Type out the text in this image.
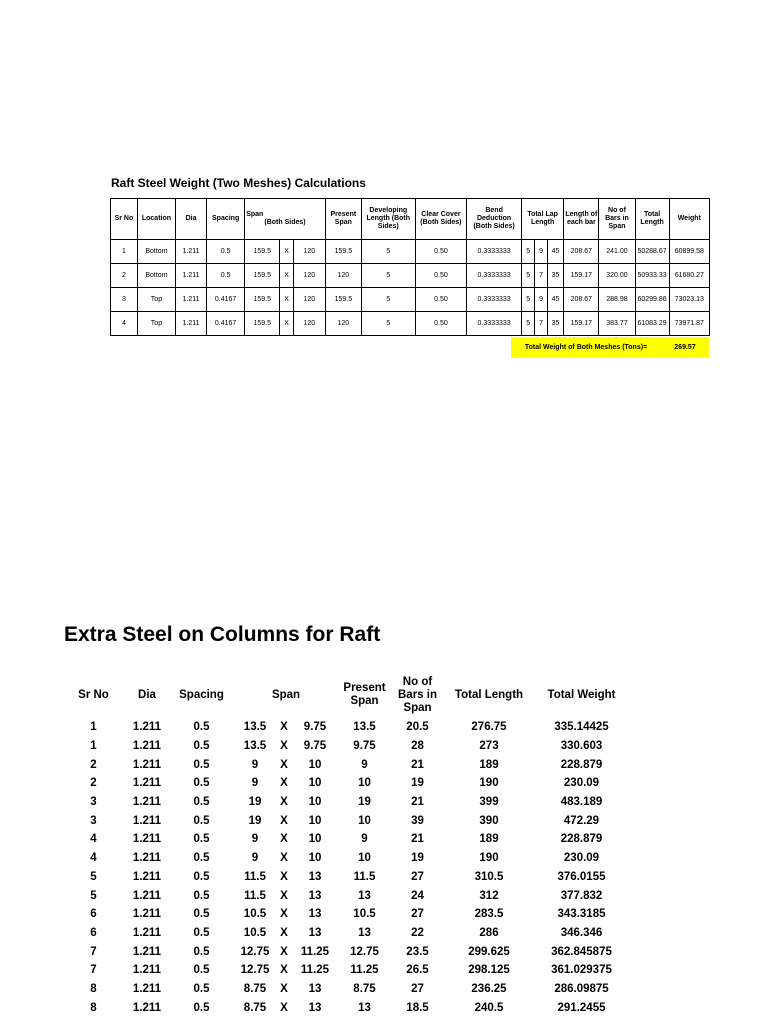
Raft Steel Weight (Two Meshes) Calculations
Sr No	Location	Dia	Spacing	Span
(Both Sides)			Present Span	Developing Length (Both Sides)	Clear Cover (Both Sides)	Bend Deduction (Both Sides)	Total Lap Length			Length of each bar	No of Bars in Span	Total Length	Weight
1	Bottom	1.211	0.5	159.5	X	120	159.5	5	0.50	0.3333333	5	9	45	208.67	241.00	50288.67	60899.58
2	Bottom	1.211	0.5	159.5	X	120	120	5	0.50	0.3333333	5	7	35	159.17	320.00	50933.33	61680.27
3	Top	1.211	0.4167	159.5	X	120	159.5	5	0.50	0.3333333	5	9	45	208.67	288.98	60299.86	73023.13
4	Top	1.211	0.4167	159.5	X	120	120	5	0.50	0.3333333	5	7	35	159.17	383.77	61083.29	73971.87
Total Weight of Both Meshes (Tons)=	269.57
Extra Steel on Columns for Raft
Sr No	Dia	Spacing	Span			Present Span	No of Bars in Span	Total Length	Total Weight
1	1.211	0.5	13.5	X	9.75	13.5	20.5	276.75	335.14425
1	1.211	0.5	13.5	X	9.75	9.75	28	273	330.603
2	1.211	0.5	9	X	10	9	21	189	228.879
2	1.211	0.5	9	X	10	10	19	190	230.09
3	1.211	0.5	19	X	10	19	21	399	483.189
3	1.211	0.5	19	X	10	10	39	390	472.29
4	1.211	0.5	9	X	10	9	21	189	228.879
4	1.211	0.5	9	X	10	10	19	190	230.09
5	1.211	0.5	11.5	X	13	11.5	27	310.5	376.0155
5	1.211	0.5	11.5	X	13	13	24	312	377.832
6	1.211	0.5	10.5	X	13	10.5	27	283.5	343.3185
6	1.211	0.5	10.5	X	13	13	22	286	346.346
7	1.211	0.5	12.75	X	11.25	12.75	23.5	299.625	362.845875
7	1.211	0.5	12.75	X	11.25	11.25	26.5	298.125	361.029375
8	1.211	0.5	8.75	X	13	8.75	27	236.25	286.09875
8	1.211	0.5	8.75	X	13	13	18.5	240.5	291.2455
